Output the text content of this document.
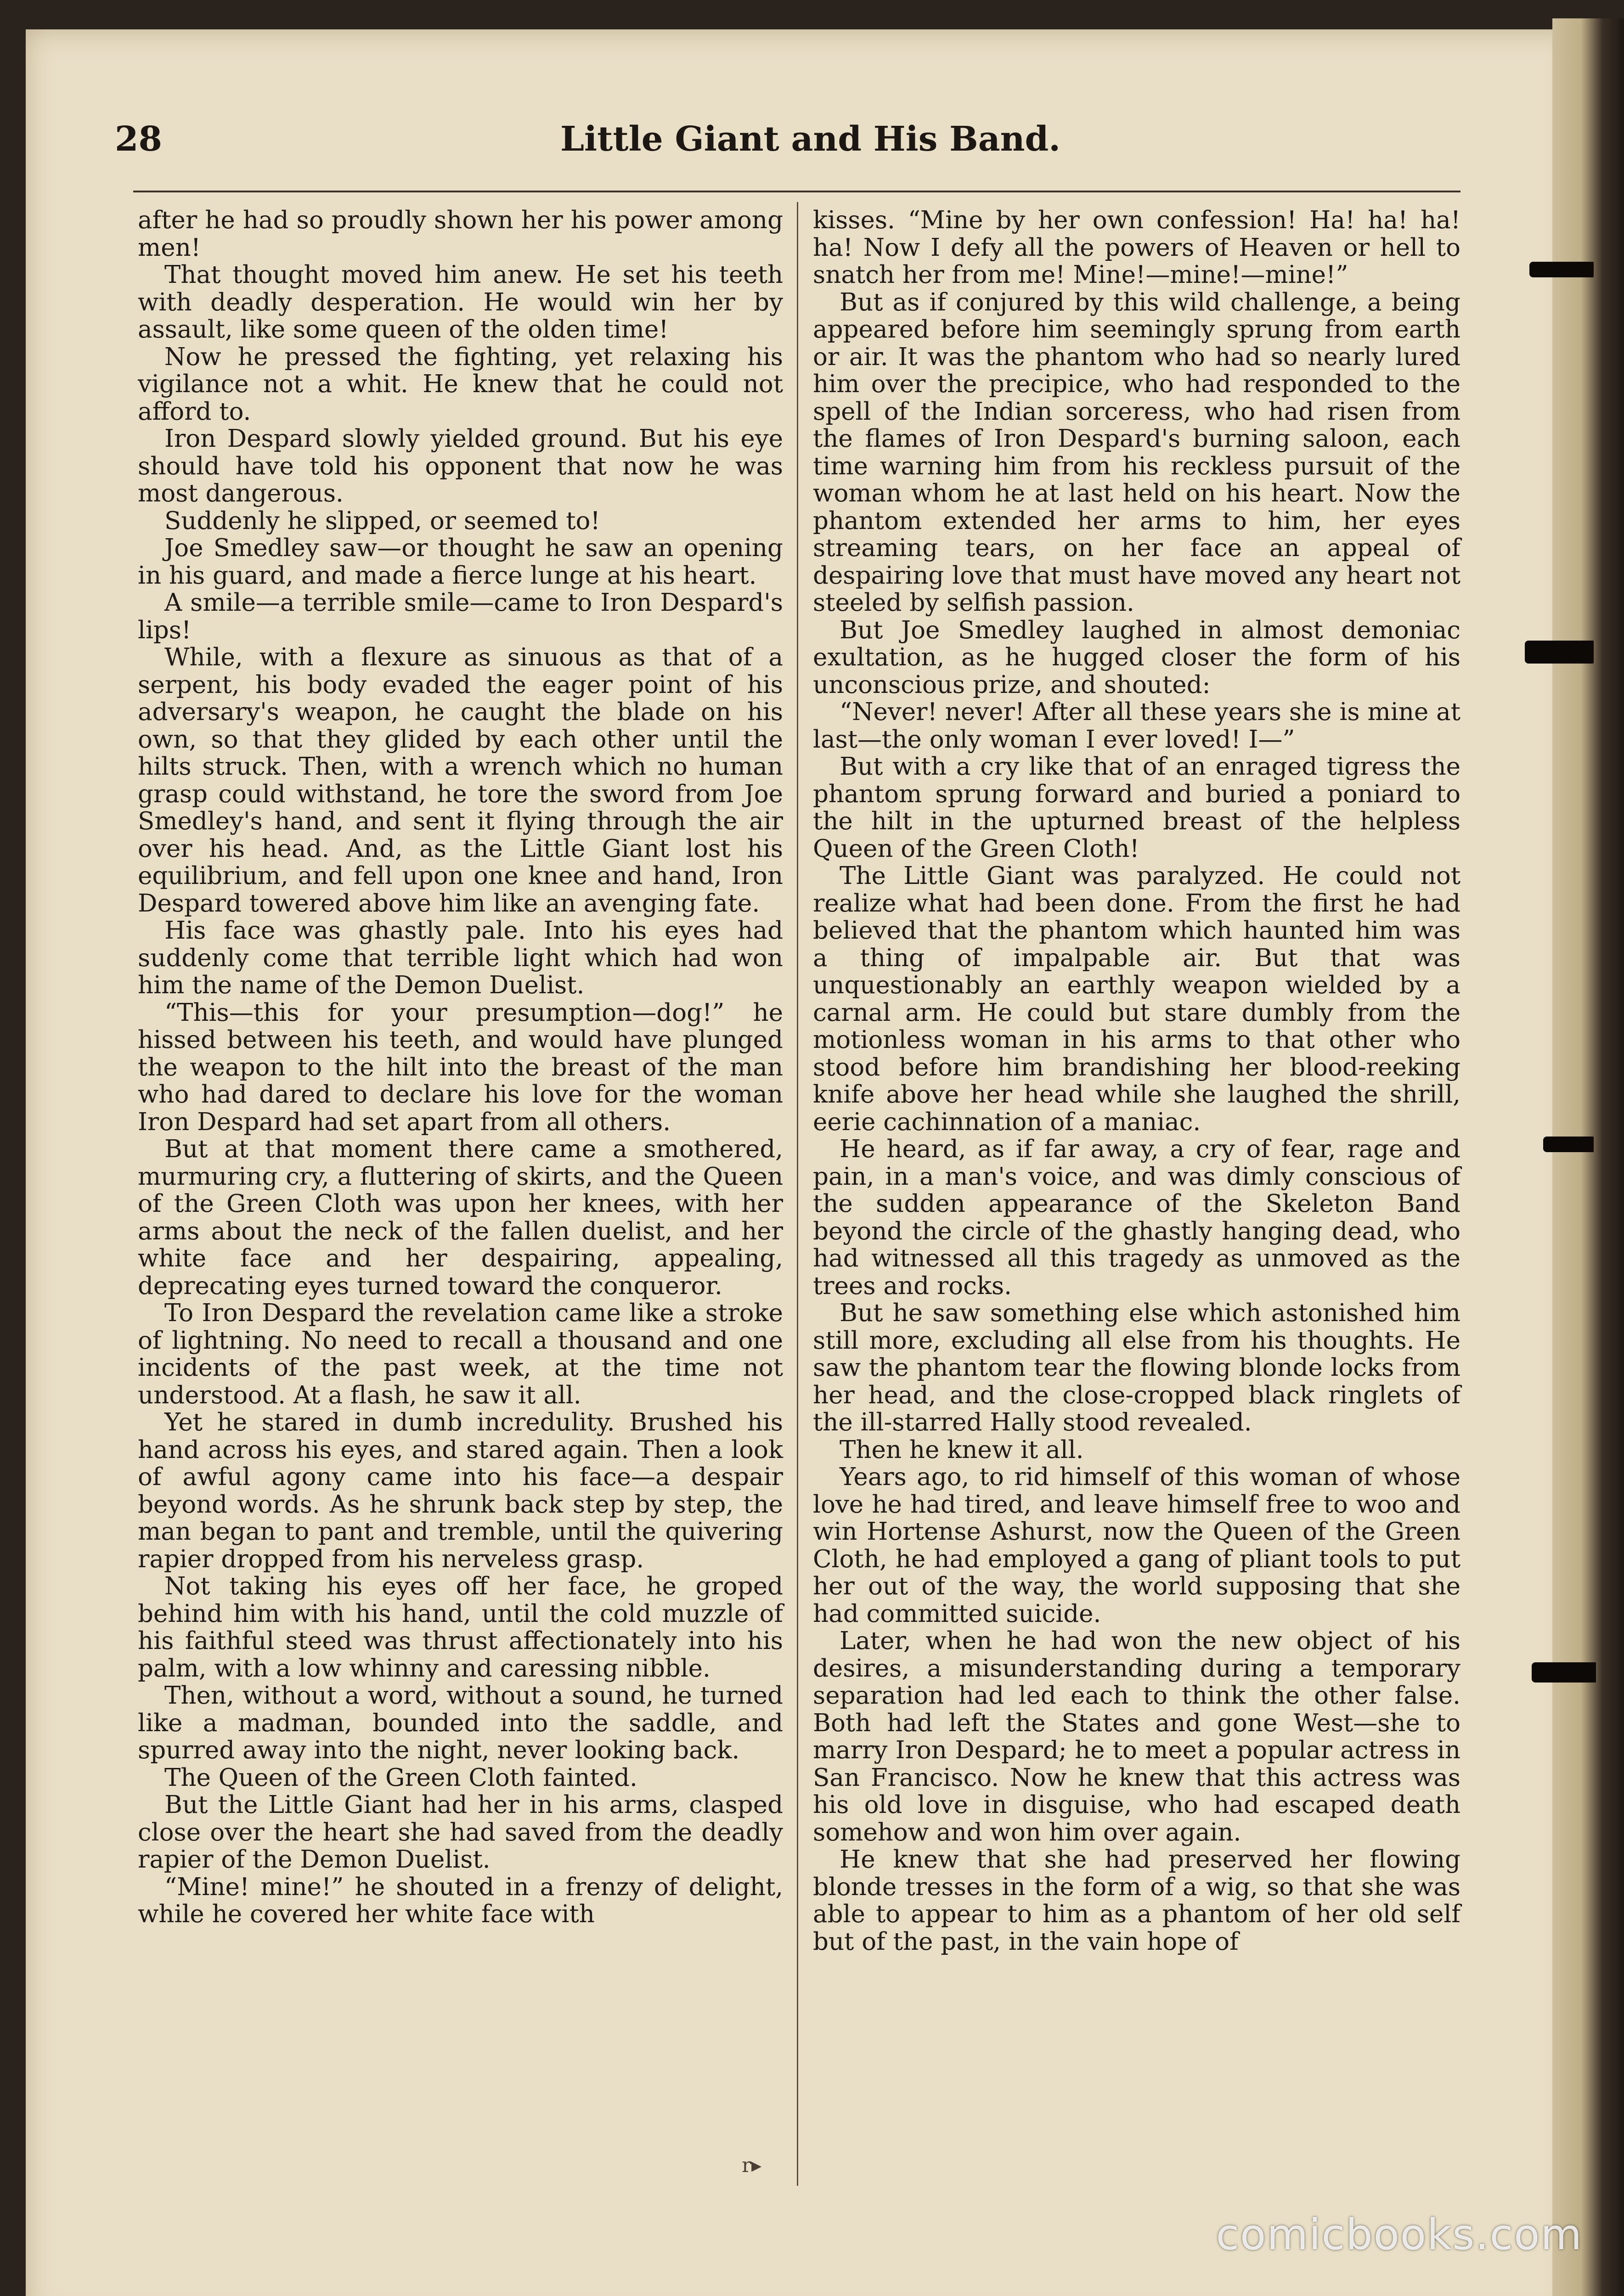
28	Little Giant and His Band.

after he had so proudly shown her his power among men!

That thought moved him anew. He set his teeth with deadly desperation. He would win her by assault, like some queen of the olden time!

Now he pressed the fighting, yet relaxing his vigilance not a whit. He knew that he could not afford to.

Iron Despard slowly yielded ground. But his eye should have told his opponent that now he was most dangerous.

Suddenly he slipped, or seemed to!

Joe Smedley saw—or thought he saw an opening in his guard, and made a fierce lunge at his heart.

A smile—a terrible smile—came to Iron Despard's lips!

While, with a flexure as sinuous as that of a serpent, his body evaded the eager point of his adversary's weapon, he caught the blade on his own, so that they glided by each other until the hilts struck. Then, with a wrench which no human grasp could withstand, he tore the sword from Joe Smedley's hand, and sent it flying through the air over his head. And, as the Little Giant lost his equilibrium, and fell upon one knee and hand, Iron Despard towered above him like an avenging fate.

His face was ghastly pale. Into his eyes had suddenly come that terrible light which had won him the name of the Demon Duelist.

“This—this for your presumption—dog!” he hissed between his teeth, and would have plunged the weapon to the hilt into the breast of the man who had dared to declare his love for the woman Iron Despard had set apart from all others.

But at that moment there came a smothered, murmuring cry, a fluttering of skirts, and the Queen of the Green Cloth was upon her knees, with her arms about the neck of the fallen duelist, and her white face and her despairing, appealing, deprecating eyes turned toward the conqueror.

To Iron Despard the revelation came like a stroke of lightning. No need to recall a thousand and one incidents of the past week, at the time not understood. At a flash, he saw it all.

Yet he stared in dumb incredulity. Brushed his hand across his eyes, and stared again. Then a look of awful agony came into his face—a despair beyond words. As he shrunk back step by step, the man began to pant and tremble, until the quivering rapier dropped from his nerveless grasp.

Not taking his eyes off her face, he groped behind him with his hand, until the cold muzzle of his faithful steed was thrust affectionately into his palm, with a low whinny and caressing nibble.

Then, without a word, without a sound, he turned like a madman, bounded into the saddle, and spurred away into the night, never looking back.

The Queen of the Green Cloth fainted.

But the Little Giant had her in his arms, clasped close over the heart she had saved from the deadly rapier of the Demon Duelist.

“Mine! mine!” he shouted in a frenzy of delight, while he covered her white face with

kisses. “Mine by her own confession! Ha! ha! ha! ha! Now I defy all the powers of Heaven or hell to snatch her from me! Mine!—mine!—mine!”

But as if conjured by this wild challenge, a being appeared before him seemingly sprung from earth or air. It was the phantom who had so nearly lured him over the precipice, who had responded to the spell of the Indian sorceress, who had risen from the flames of Iron Despard's burning saloon, each time warning him from his reckless pursuit of the woman whom he at last held on his heart. Now the phantom extended her arms to him, her eyes streaming tears, on her face an appeal of despairing love that must have moved any heart not steeled by selfish passion.

But Joe Smedley laughed in almost demoniac exultation, as he hugged closer the form of his unconscious prize, and shouted:

“Never! never! After all these years she is mine at last—the only woman I ever loved! I—”

But with a cry like that of an enraged tigress the phantom sprung forward and buried a poniard to the hilt in the upturned breast of the helpless Queen of the Green Cloth!

The Little Giant was paralyzed. He could not realize what had been done. From the first he had believed that the phantom which haunted him was a thing of impalpable air. But that was unquestionably an earthly weapon wielded by a carnal arm. He could but stare dumbly from the motionless woman in his arms to that other who stood before him brandishing her blood-reeking knife above her head while she laughed the shrill, eerie cachinnation of a maniac.

He heard, as if far away, a cry of fear, rage and pain, in a man's voice, and was dimly conscious of the sudden appearance of the Skeleton Band beyond the circle of the ghastly hanging dead, who had witnessed all this tragedy as unmoved as the trees and rocks.

But he saw something else which astonished him still more, excluding all else from his thoughts. He saw the phantom tear the flowing blonde locks from her head, and the close-cropped black ringlets of the ill-starred Hally stood revealed.

Then he knew it all.

Years ago, to rid himself of this woman of whose love he had tired, and leave himself free to woo and win Hortense Ashurst, now the Queen of the Green Cloth, he had employed a gang of pliant tools to put her out of the way, the world supposing that she had committed suicide.

Later, when he had won the new object of his desires, a misunderstanding during a temporary separation had led each to think the other false. Both had left the States and gone West—she to marry Iron Despard; he to meet a popular actress in San Francisco. Now he knew that this actress was his old love in disguise, who had escaped death somehow and won him over again.

He knew that she had preserved her flowing blonde tresses in the form of a wig, so that she was able to appear to him as a phantom of her old self but of the past, in the vain hope of

r▸
comicbooks.com
